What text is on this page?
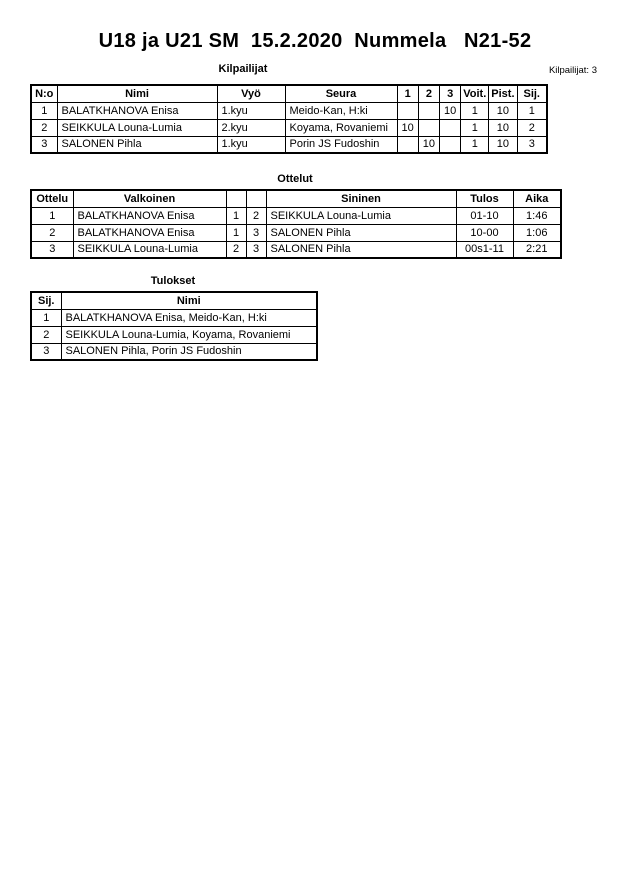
U18 ja U21 SM  15.2.2020  Nummela   N21-52
Kilpailijat	Kilpailijat: 3
N:o	Nimi	Vyö	Seura	1	2	3	Voit.	Pist.	Sij.
1	BALATKHANOVA Enisa	1.kyu	Meido-Kan, H:ki			10	1	10	1
2	SEIKKULA Louna-Lumia	2.kyu	Koyama, Rovaniemi	10			1	10	2
3	SALONEN Pihla	1.kyu	Porin JS Fudoshin		10		1	10	3
Ottelut
Ottelu	Valkoinen			Sininen	Tulos	Aika
1	BALATKHANOVA Enisa	1	2	SEIKKULA Louna-Lumia	01-10	1:46
2	BALATKHANOVA Enisa	1	3	SALONEN Pihla	10-00	1:06
3	SEIKKULA Louna-Lumia	2	3	SALONEN Pihla	00s1-11	2:21
Tulokset
Sij.	Nimi
1	BALATKHANOVA Enisa, Meido-Kan, H:ki
2	SEIKKULA Louna-Lumia, Koyama, Rovaniemi
3	SALONEN Pihla, Porin JS Fudoshin
